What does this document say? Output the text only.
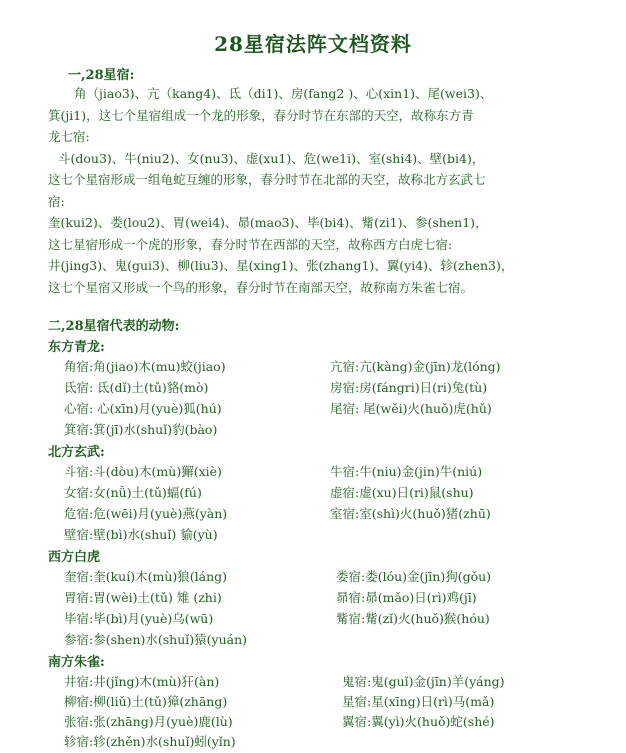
28星宿法阵文档资料
一,28星宿:
角（jiao3)、亢（kang4)、氐（di1)、房(fang2 )、心(xin1)、尾(wei3)、
箕(ji1)，这七个星宿组成一个龙的形象，春分时节在东部的天空，故称东方青
龙七宿:
斗(dou3)、牛(niu2)、女(nu3)、虚(xu1)、危(we1i)、室(shi4)、壁(bi4)，
这七个星宿形成一组龟蛇互缠的形象，春分时节在北部的天空，故称北方玄武七
宿:
奎(kui2)、娄(lou2)、胃(wei4)、昴(mao3)、毕(bi4)、觜(zi1)、参(shen1)，
这七星宿形成一个虎的形象，春分时节在西部的天空，故称西方白虎七宿:
井(jing3)、鬼(gui3)、柳(liu3)、星(xing1)、张(zhang1)、翼(yi4)、轸(zhen3)，
这七个星宿又形成一个鸟的形象，春分时节在南部天空，故称南方朱雀七宿。
二,28星宿代表的动物:
东方青龙:
角宿:角(jiao)木(mu)蛟(jiao)	亢宿:亢(kàng)金(jīn)龙(lóng)
氐宿: 氐(dǐ)土(tǔ)貉(mò)	房宿:房(fángri)日(ri)兔(tù)
心宿: 心(xīn)月(yuè)狐(hú)	尾宿: 尾(wěi)火(huǒ)虎(hǔ)
箕宿:箕(jī)水(shuǐ)豹(bào)
北方玄武:
斗宿:斗(dòu)木(mù)獬(xiè)	牛宿:牛(niu)金(jin)牛(niú)
女宿:女(nǚ)土(tǔ)蝠(fú)	虚宿:虚(xu)日(ri)鼠(shu)
危宿:危(wēi)月(yuè)燕(yàn)	室宿:室(shì)火(huǒ)猪(zhū)
壁宿:壁(bì)水(shuǐ) 貐(yù)
西方白虎
奎宿:奎(kuí)木(mù)狼(láng)	娄宿:娄(lóu)金(jīn)狗(gǒu)
胃宿:胃(wèi)土(tǔ) 雉 (zhi)	昴宿:昴(mǎo)日(rì)鸡(jī)
毕宿:毕(bì)月(yuè)乌(wū)	觜宿:觜(zǐ)火(huǒ)猴(hóu)
参宿:参(shen)水(shuǐ)猿(yuán)
南方朱雀:
井宿:井(jǐng)木(mù)犴(àn)	鬼宿:鬼(guǐ)金(jīn)羊(yáng)
柳宿:柳(liǔ)土(tǔ)獐(zhāng)	星宿:星(xīng)日(rì)马(mǎ)
张宿:张(zhāng)月(yuè)鹿(lù)	翼宿:翼(yì)火(huǒ)蛇(shé)
轸宿:轸(zhěn)水(shuǐ)蚓(yǐn)
